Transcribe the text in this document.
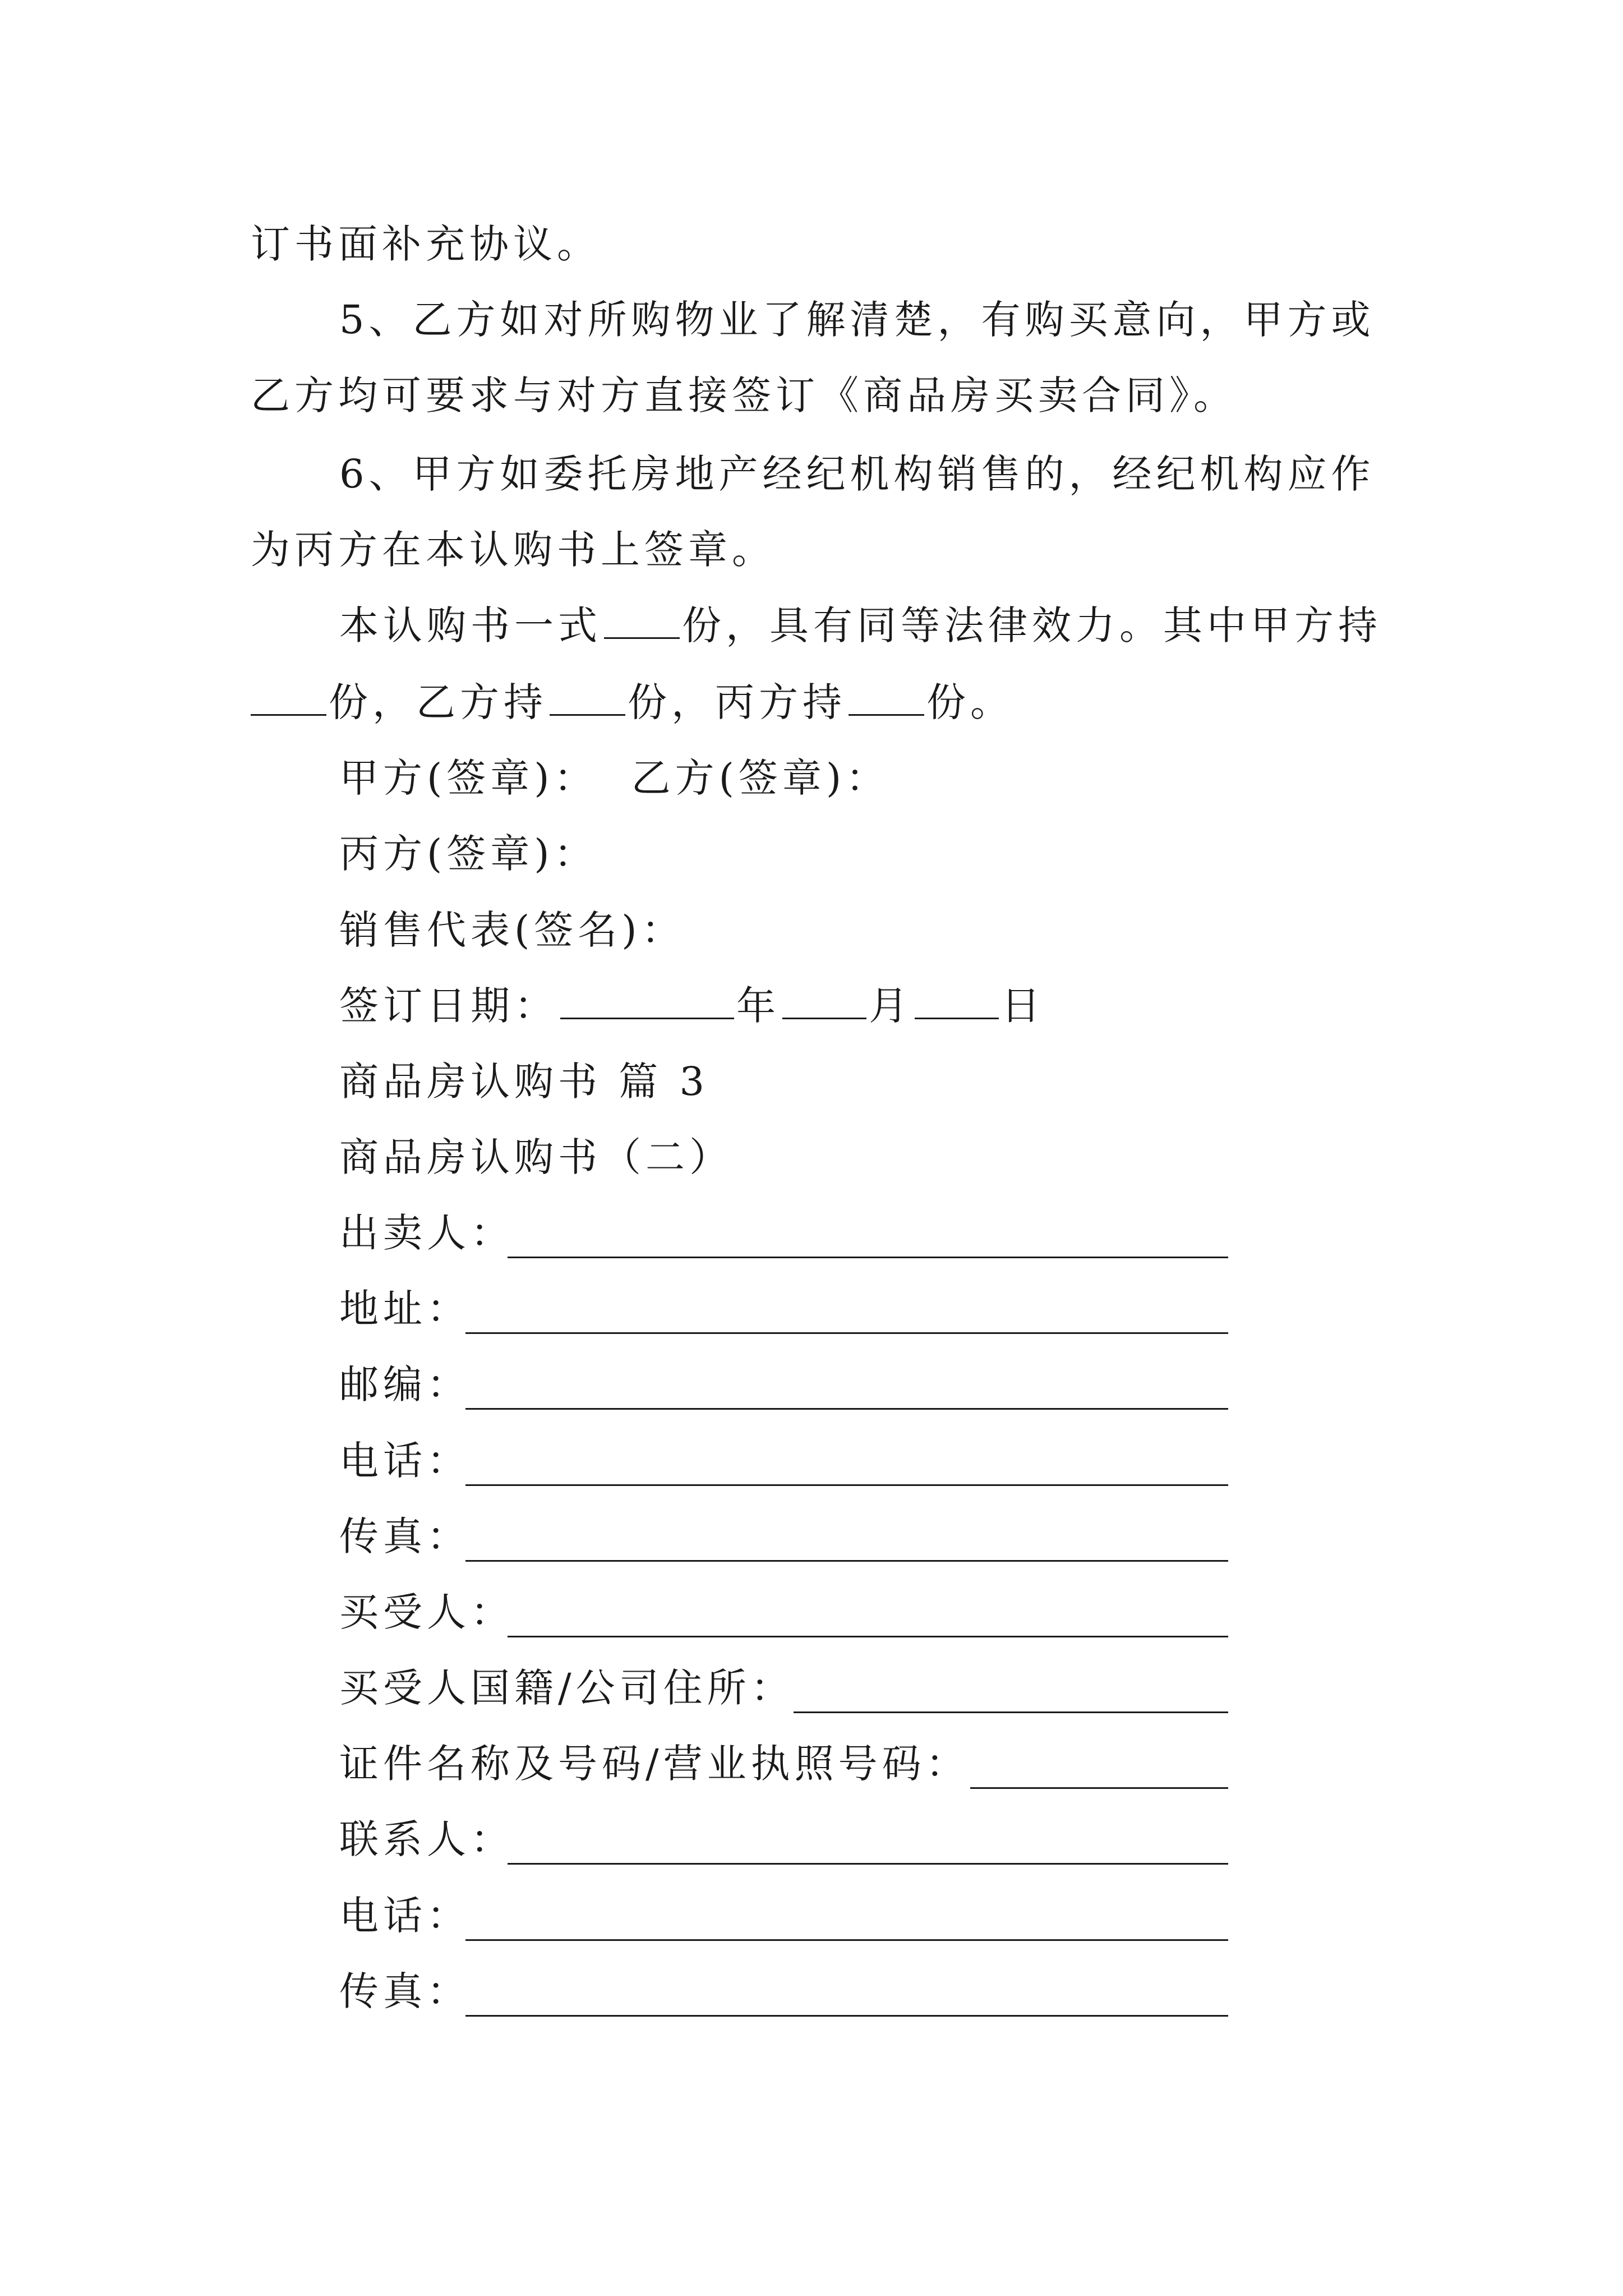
订书面补充协议。
5、乙方如对所购物业了解清楚，有购买意向，甲方或
乙方均可要求与对方直接签订《商品房买卖合同》。
6、甲方如委托房地产经纪机构销售的，经纪机构应作
为丙方在本认购书上签章。
本认购书一式 份，具有同等法律效力。其中甲方持
份，乙方持 份，丙方持 份。
甲方(签章)： 乙方(签章)：
丙方(签章)：
销售代表(签名)：
签订日期：	年 月 日
商品房认购书 篇 3
商品房认购书（二）
出卖人：
地址：
邮编：
电话：
传真：
买受人：
买受人国籍/公司住所：
证件名称及号码/营业执照号码：
联系人：
电话：
传真：
